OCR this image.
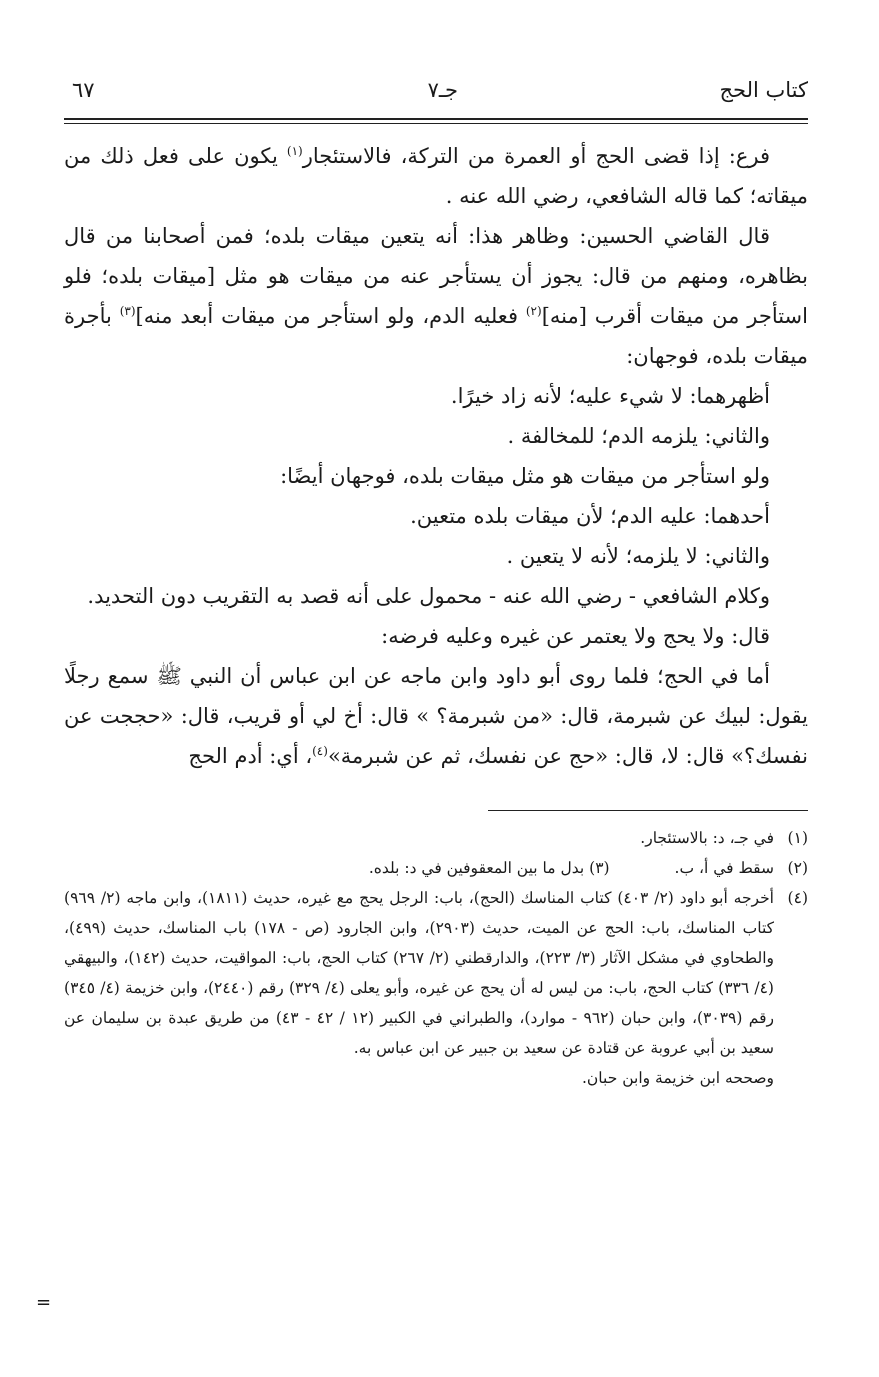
كتاب الحج
جـ٧
٦٧

فرع: إذا قضى الحج أو العمرة من التركة، فالاستئجار$^{(١)}$ يكون على فعل ذلك من ميقاته؛ كما قاله الشافعي، رضي الله عنه .

قال القاضي الحسين: وظاهر هذا: أنه يتعين ميقات بلده؛ فمن أصحابنا من قال بظاهره، ومنهم من قال: يجوز أن يستأجر عنه من ميقات هو مثل [ميقات بلده؛ فلو استأجر من ميقات أقرب [منه]$^{(٢)}$ فعليه الدم، ولو استأجر من ميقات أبعد منه]$^{(٣)}$ بأجرة ميقات بلده، فوجهان:

أظهرهما: لا شيء عليه؛ لأنه زاد خيرًا.

والثاني: يلزمه الدم؛ للمخالفة .

ولو استأجر من ميقات هو مثل ميقات بلده، فوجهان أيضًا:

أحدهما: عليه الدم؛ لأن ميقات بلده متعين.

والثاني: لا يلزمه؛ لأنه لا يتعين .

وكلام الشافعي - رضي الله عنه - محمول على أنه قصد به التقريب دون التحديد.

قال: ولا يحج ولا يعتمر عن غيره وعليه فرضه:

أما في الحج؛ فلما روى أبو داود وابن ماجه عن ابن عباس أن النبي ﷺ سمع رجلًا يقول: لبيك عن شبرمة، قال: «من شبرمة؟ » قال: أخ لي أو قريب، قال: «حججت عن نفسك؟» قال: لا، قال: «حج عن نفسك، ثم عن شبرمة»$^{(٤)}$، أي: أدم الحج

(١)
في جـ، د: بالاستئجار.
(٢)
سقط في أ، ب. (٣) بدل ما بين المعقوفين في د: بلده.
(٤)
أخرجه أبو داود (٢/ ٤٠٣) كتاب المناسك (الحج)، باب: الرجل يحج مع غيره، حديث (١٨١١)، وابن ماجه (٢/ ٩٦٩) كتاب المناسك، باب: الحج عن الميت، حديث (٢٩٠٣)، وابن الجارود (ص - ١٧٨) باب المناسك، حديث (٤٩٩)، والطحاوي في مشكل الآثار (٣/ ٢٢٣)، والدارقطني (٢/ ٢٦٧) كتاب الحج، باب: المواقيت، حديث (١٤٢)، والبيهقي (٤/ ٣٣٦) كتاب الحج، باب: من ليس له أن يحج عن غيره، وأبو يعلى (٤/ ٣٢٩) رقم (٢٤٤٠)، وابن خزيمة (٤/ ٣٤٥) رقم (٣٠٣٩)، وابن حبان (٩٦٢ - موارد)، والطبراني في الكبير (١٢ / ٤٢ - ٤٣) من طريق عبدة بن سليمان عن سعيد بن أبي عروبة عن قتادة عن سعيد بن جبير عن ابن عباس به.
وصححه ابن خزيمة وابن حبان.
=
